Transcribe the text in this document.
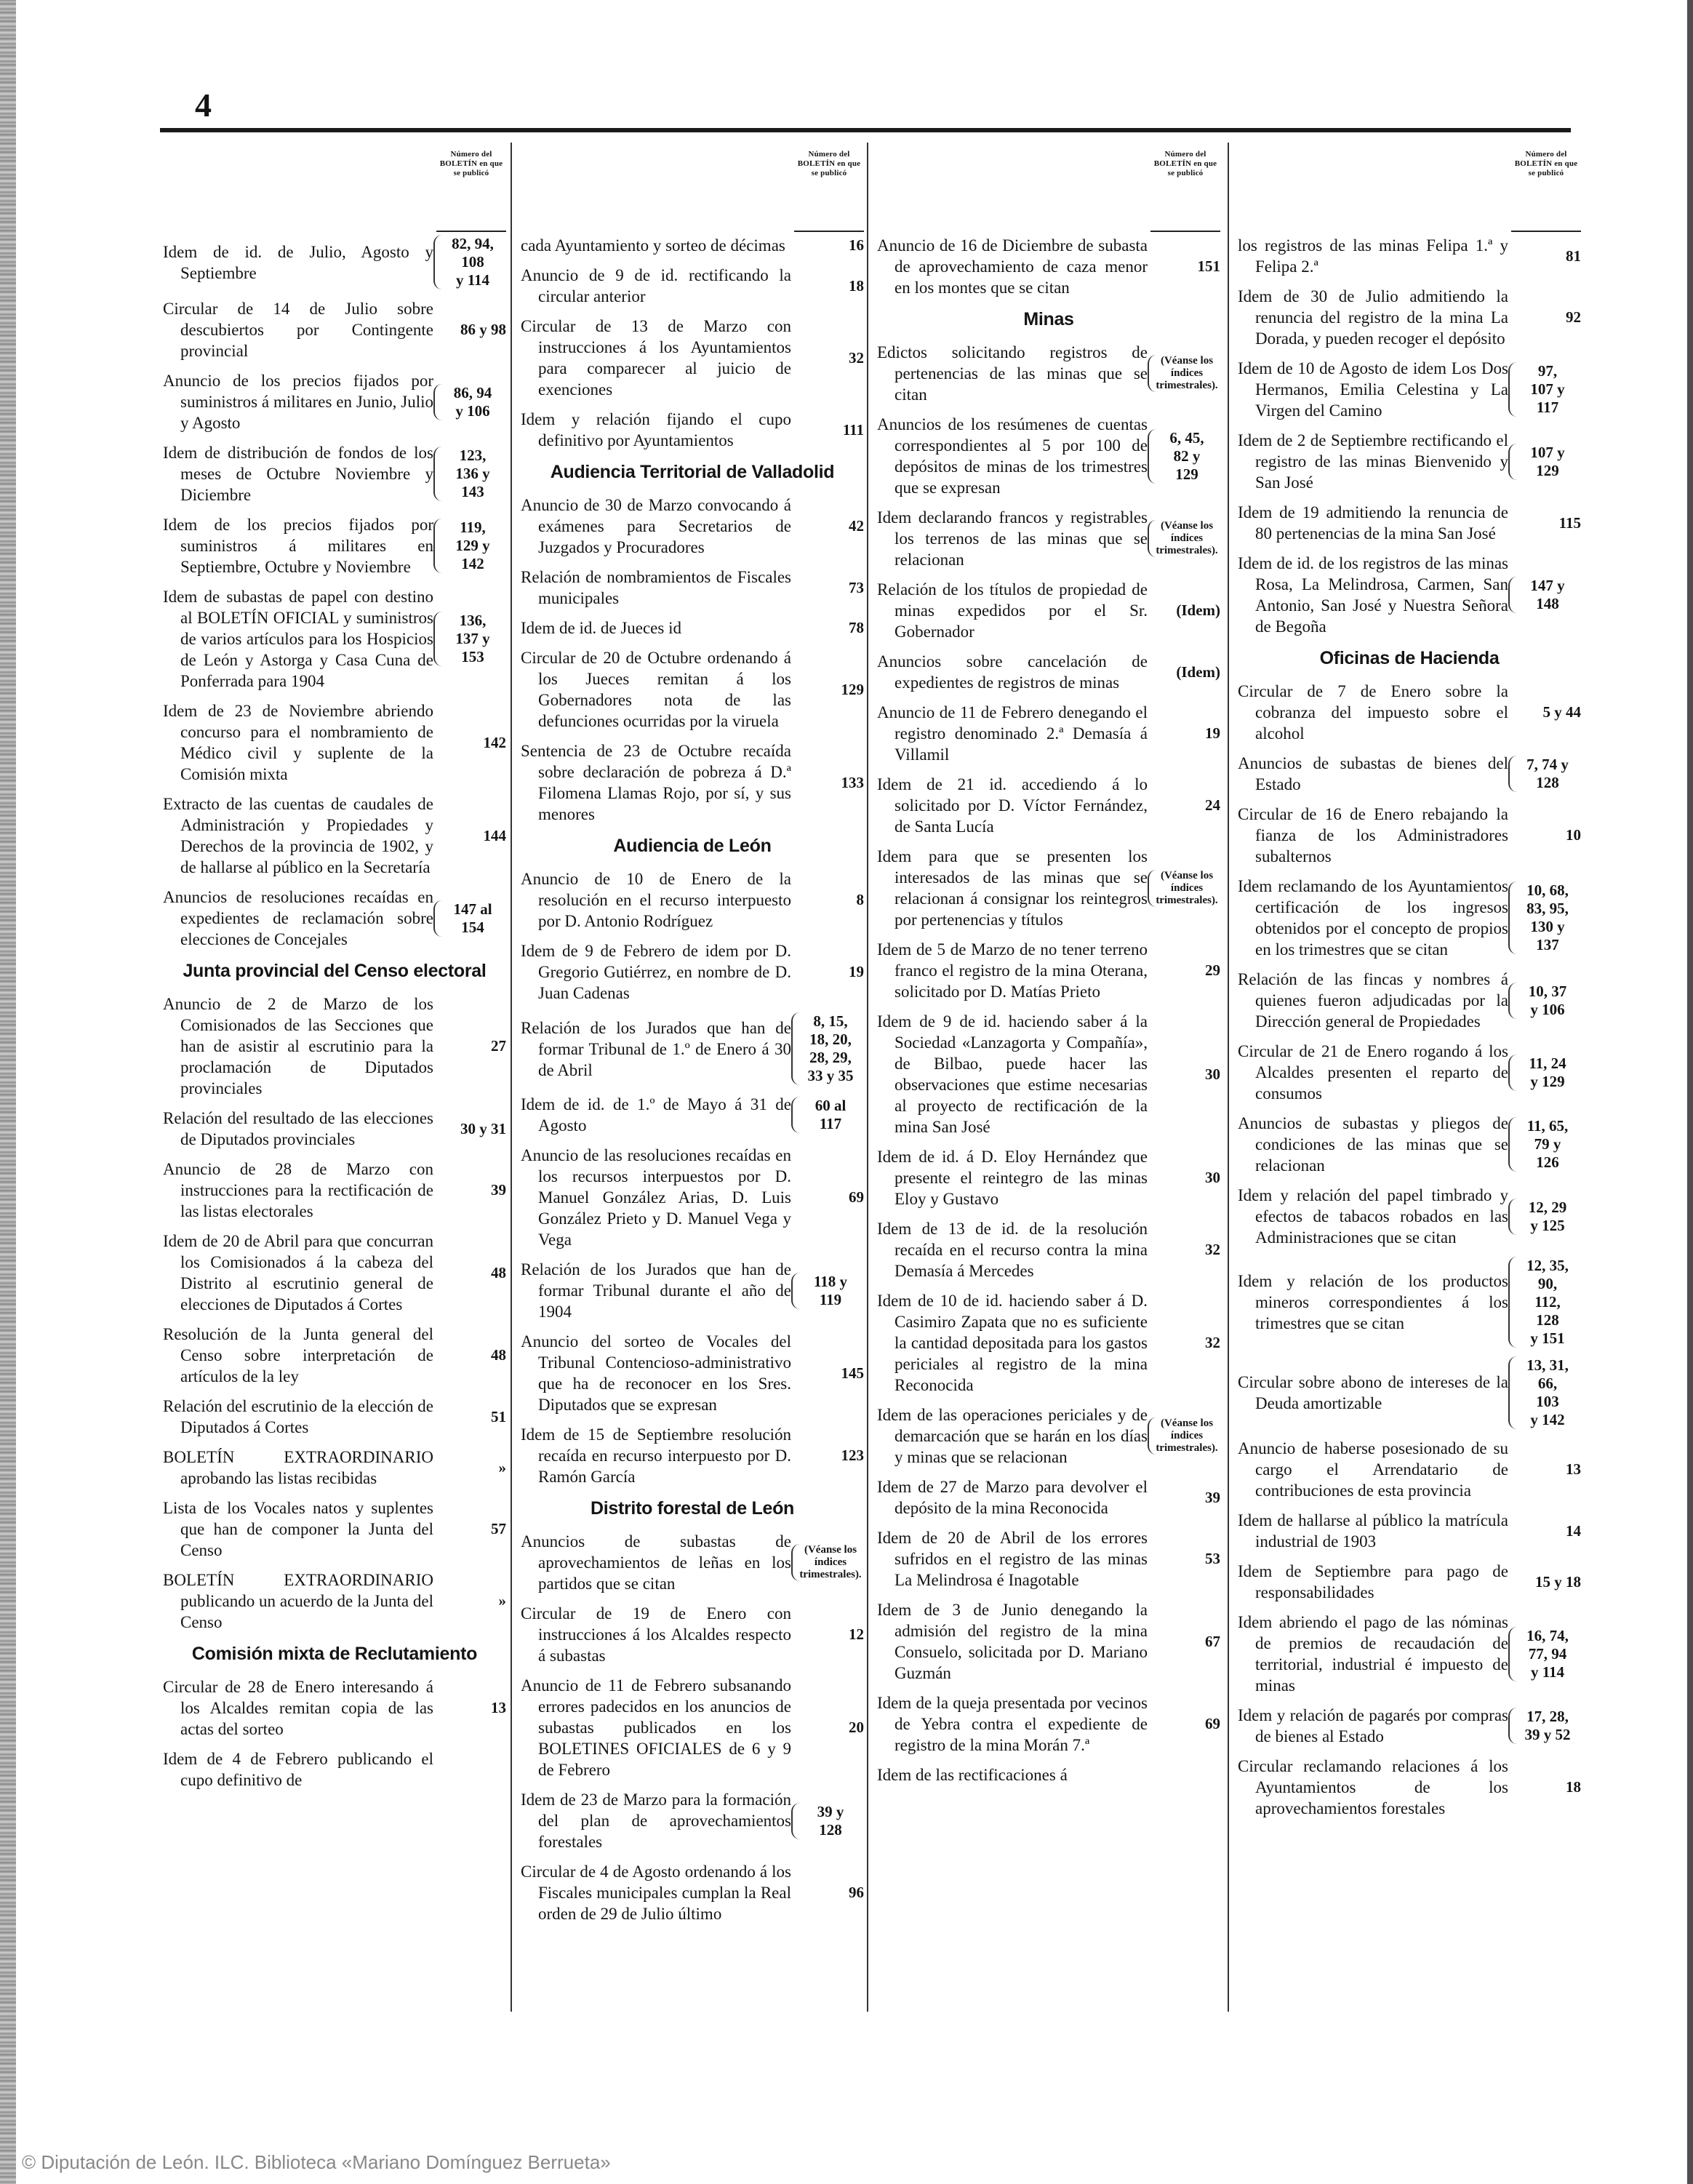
4
Número del BOLETÍN en que se publicó
Idem de id. de Julio, Agosto y Septiembre
82, 94,
108
y 114
Circular de 14 de Julio sobre descubiertos por Contingente provincial
86 y 98
Anuncio de los precios fijados por suministros á militares en Junio, Julio y Agosto
86, 94
y 106
Idem de distribución de fondos de los meses de Octubre Noviembre y Diciembre
123,
136 y
143
Idem de los precios fijados por suministros á militares en Septiembre, Octubre y Noviembre
119,
129 y
142
Idem de subastas de papel con destino al BOLETÍN OFICIAL y suministros de varios artículos para los Hospicios de León y Astorga y Casa Cuna de Ponferrada para 1904
136,
137 y
153
Idem de 23 de Noviembre abriendo concurso para el nombramiento de Médico civil y suplente de la Comisión mixta
142
Extracto de las cuentas de caudales de Administración y Propiedades y Derechos de la provincia de 1902, y de hallarse al público en la Secretaría
144
Anuncios de resoluciones recaídas en expedientes de reclamación sobre elecciones de Concejales
147 al
154
Junta provincial del Censo electoral
Anuncio de 2 de Marzo de los Comisionados de las Secciones que han de asistir al escrutinio para la proclamación de Diputados provinciales
27
Relación del resultado de las elecciones de Diputados provinciales
30 y 31
Anuncio de 28 de Marzo con instrucciones para la rectificación de las listas electorales
39
Idem de 20 de Abril para que concurran los Comisionados á la cabeza del Distrito al escrutinio general de elecciones de Diputados á Cortes
48
Resolución de la Junta general del Censo sobre interpretación de artículos de la ley
48
Relación del escrutinio de la elección de Diputados á Cortes
51
BOLETÍN EXTRAORDINARIO aprobando las listas recibidas
»
Lista de los Vocales natos y suplentes que han de componer la Junta del Censo
57
BOLETÍN EXTRAORDINARIO publicando un acuerdo de la Junta del Censo
»
Comisión mixta de Reclutamiento
Circular de 28 de Enero interesando á los Alcaldes remitan copia de las actas del sorteo
13
Idem de 4 de Febrero publicando el cupo definitivo de
Número del BOLETÍN en que se publicó
cada Ayuntamiento y sorteo de décimas	16
Anuncio de 9 de id. rectificando la circular anterior
18
Circular de 13 de Marzo con instrucciones á los Ayuntamientos para comparecer al juicio de exenciones
32
Idem y relación fijando el cupo definitivo por Ayuntamientos
111
Audiencia Territorial de Valladolid
Anuncio de 30 de Marzo convocando á exámenes para Secretarios de Juzgados y Procuradores
42
Relación de nombramientos de Fiscales municipales
73
Idem de id. de Jueces id	78
Circular de 20 de Octubre ordenando á los Jueces remitan á los Gobernadores nota de las defunciones ocurridas por la viruela
129
Sentencia de 23 de Octubre recaída sobre declaración de pobreza á D.ª Filomena Llamas Rojo, por sí, y sus menores
133
Audiencia de León
Anuncio de 10 de Enero de la resolución en el recurso interpuesto por D. Antonio Rodríguez
8
Idem de 9 de Febrero de idem por D. Gregorio Gutiérrez, en nombre de D. Juan Cadenas
19
Relación de los Jurados que han de formar Tribunal de 1.º de Enero á 30 de Abril
8, 15,
18, 20,
28, 29,
33 y 35
Idem de id. de 1.º de Mayo á 31 de Agosto
60 al
117
Anuncio de las resoluciones recaídas en los recursos interpuestos por D. Manuel González Arias, D. Luis González Prieto y D. Manuel Vega y Vega
69
Relación de los Jurados que han de formar Tribunal durante el año de 1904
118 y
119
Anuncio del sorteo de Vocales del Tribunal Contencioso-administrativo que ha de reconocer en los Sres. Diputados que se expresan
145
Idem de 15 de Septiembre resolución recaída en recurso interpuesto por D. Ramón García
123
Distrito forestal de León
Anuncios de subastas de aprovechamientos de leñas en los partidos que se citan
(Véanse los índices trimestrales).
Circular de 19 de Enero con instrucciones á los Alcaldes respecto á subastas
12
Anuncio de 11 de Febrero subsanando errores padecidos en los anuncios de subastas publicados en los BOLETINES OFICIALES de 6 y 9 de Febrero
20
Idem de 23 de Marzo para la formación del plan de aprovechamientos forestales
39 y
128
Circular de 4 de Agosto ordenando á los Fiscales municipales cumplan la Real orden de 29 de Julio último
96
Número del BOLETÍN en que se publicó
Anuncio de 16 de Diciembre de subasta de aprovechamiento de caza menor en los montes que se citan
151
Minas
Edictos solicitando registros de pertenencias de las minas que se citan
(Véanse los índices trimestrales).
Anuncios de los resúmenes de cuentas correspondientes al 5 por 100 de depósitos de minas de los trimestres que se expresan
6, 45,
82 y
129
Idem declarando francos y registrables los terrenos de las minas que se relacionan
(Véanse los índices trimestrales).
Relación de los títulos de propiedad de minas expedidos por el Sr. Gobernador
(Idem)
Anuncios sobre cancelación de expedientes de registros de minas
(Idem)
Anuncio de 11 de Febrero denegando el registro denominado 2.ª Demasía á Villamil
19
Idem de 21 id. accediendo á lo solicitado por D. Víctor Fernández, de Santa Lucía
24
Idem para que se presenten los interesados de las minas que se relacionan á consignar los reintegros por pertenencias y títulos
(Véanse los índices trimestrales).
Idem de 5 de Marzo de no tener terreno franco el registro de la mina Oterana, solicitado por D. Matías Prieto
29
Idem de 9 de id. haciendo saber á la Sociedad «Lanzagorta y Compañía», de Bilbao, puede hacer las observaciones que estime necesarias al proyecto de rectificación de la mina San José
30
Idem de id. á D. Eloy Hernández que presente el reintegro de las minas Eloy y Gustavo
30
Idem de 13 de id. de la resolución recaída en el recurso contra la mina Demasía á Mercedes
32
Idem de 10 de id. haciendo saber á D. Casimiro Zapata que no es suficiente la cantidad depositada para los gastos periciales al registro de la mina Reconocida
32
Idem de las operaciones periciales y de demarcación que se harán en los días y minas que se relacionan
(Véanse los índices trimestrales).
Idem de 27 de Marzo para devolver el depósito de la mina Reconocida
39
Idem de 20 de Abril de los errores sufridos en el registro de las minas La Melindrosa é Inagotable
53
Idem de 3 de Junio denegando la admisión del registro de la mina Consuelo, solicitada por D. Mariano Guzmán
67
Idem de la queja presentada por vecinos de Yebra contra el expediente de registro de la mina Morán 7.ª
69
Idem de las rectificaciones á
Número del BOLETÍN en que se publicó
los registros de las minas Felipa 1.ª y Felipa 2.ª
81
Idem de 30 de Julio admitiendo la renuncia del registro de la mina La Dorada, y pueden recoger el depósito
92
Idem de 10 de Agosto de idem Los Dos Hermanos, Emilia Celestina y La Virgen del Camino
97,
107 y
117
Idem de 2 de Septiembre rectificando el registro de las minas Bienvenido y San José
107 y
129
Idem de 19 admitiendo la renuncia de 80 pertenencias de la mina San José
115
Idem de id. de los registros de las minas Rosa, La Melindrosa, Carmen, San Antonio, San José y Nuestra Señora de Begoña
147 y
148
Oficinas de Hacienda
Circular de 7 de Enero sobre la cobranza del impuesto sobre el alcohol
5 y 44
Anuncios de subastas de bienes del Estado
7, 74 y
128
Circular de 16 de Enero rebajando la fianza de los Administradores subalternos
10
Idem reclamando de los Ayuntamientos certificación de los ingresos obtenidos por el concepto de propios en los trimestres que se citan
10, 68,
83, 95,
130 y
137
Relación de las fincas y nombres á quienes fueron adjudicadas por la Dirección general de Propiedades
10, 37
y 106
Circular de 21 de Enero rogando á los Alcaldes presenten el reparto de consumos
11, 24
y 129
Anuncios de subastas y pliegos de condiciones de las minas que se relacionan
11, 65,
79 y
126
Idem y relación del papel timbrado y efectos de tabacos robados en las Administraciones que se citan
12, 29
y 125
Idem y relación de los productos mineros correspondientes á los trimestres que se citan
12, 35,
90,
112,
128
y 151
Circular sobre abono de intereses de la Deuda amortizable
13, 31,
66,
103
y 142
Anuncio de haberse posesionado de su cargo el Arrendatario de contribuciones de esta provincia
13
Idem de hallarse al público la matrícula industrial de 1903
14
Idem de Septiembre para pago de responsabilidades
15 y 18
Idem abriendo el pago de las nóminas de premios de recaudación de territorial, industrial é impuesto de minas
16, 74,
77, 94
y 114
Idem y relación de pagarés por compras de bienes al Estado
17, 28,
39 y 52
Circular reclamando relaciones á los Ayuntamientos de los aprovechamientos forestales
18
© Diputación de León. ILC. Biblioteca «Mariano Domínguez Berrueta»
